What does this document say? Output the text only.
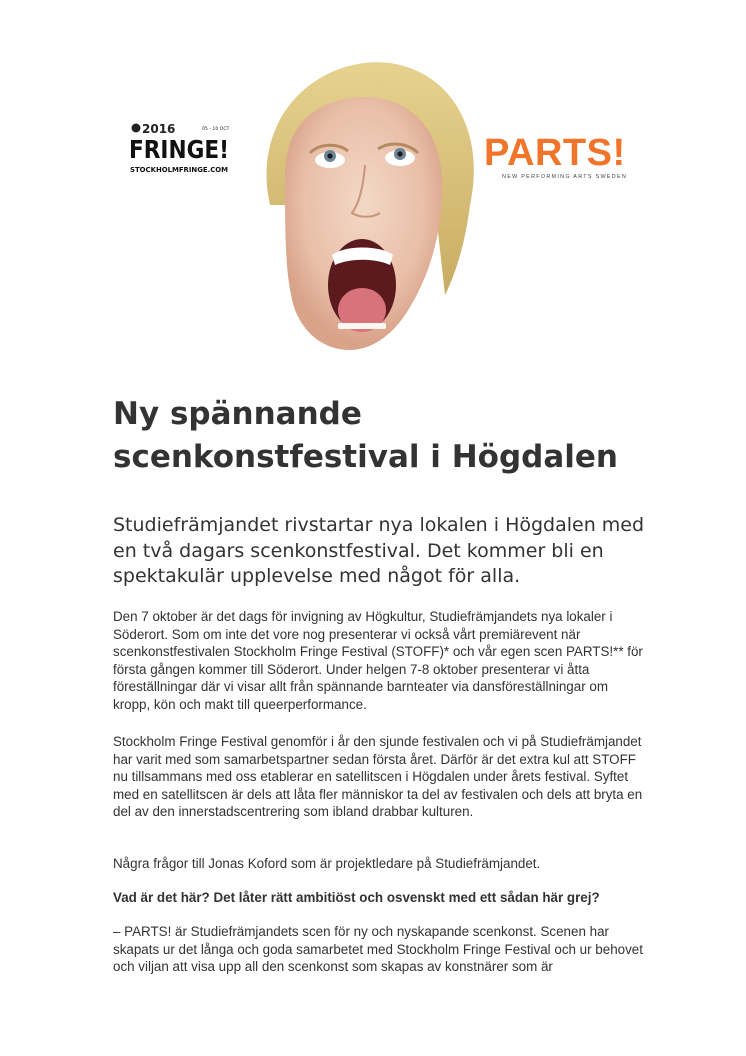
2016	05 - 10 OCT
FRINGE!
STOCKHOLMFRINGE.COM	PARTS!
NEW PERFORMING ARTS SWEDEN
Ny spännande scenkonstfestival i Högdalen

Studiefrämjandet rivstartar nya lokalen i Högdalen med en två dagars scenkonstfestival. Det kommer bli en spektakulär upplevelse med något för alla.

Den 7 oktober är det dags för invigning av Högkultur, Studiefrämjandets nya lokaler i Söderort. Som om inte det vore nog presenterar vi också vårt premiärevent när scenkonstfestivalen Stockholm Fringe Festival (STOFF)* och vår egen scen PARTS!** för första gången kommer till Söderort. Under helgen 7-8 oktober presenterar vi åtta föreställningar där vi visar allt från spännande barnteater via dansföreställningar om kropp, kön och makt till queerperformance.

Stockholm Fringe Festival genomför i år den sjunde festivalen och vi på Studiefrämjandet har varit med som samarbetspartner sedan första året. Därför är det extra kul att STOFF nu tillsammans med oss etablerar en satellitscen i Högdalen under årets festival. Syftet med en satellitscen är dels att låta fler människor ta del av festivalen och dels att bryta en del av den innerstadscentrering som ibland drabbar kulturen.

Några frågor till Jonas Koford som är projektledare på Studiefrämjandet.

Vad är det här? Det låter rätt ambitiöst och osvenskt med ett sådan här grej?

– PARTS! är Studiefrämjandets scen för ny och nyskapande scenkonst. Scenen har skapats ur det långa och goda samarbetet med Stockholm Fringe Festival och ur behovet och viljan att visa upp all den scenkonst som skapas av konstnärer som är
